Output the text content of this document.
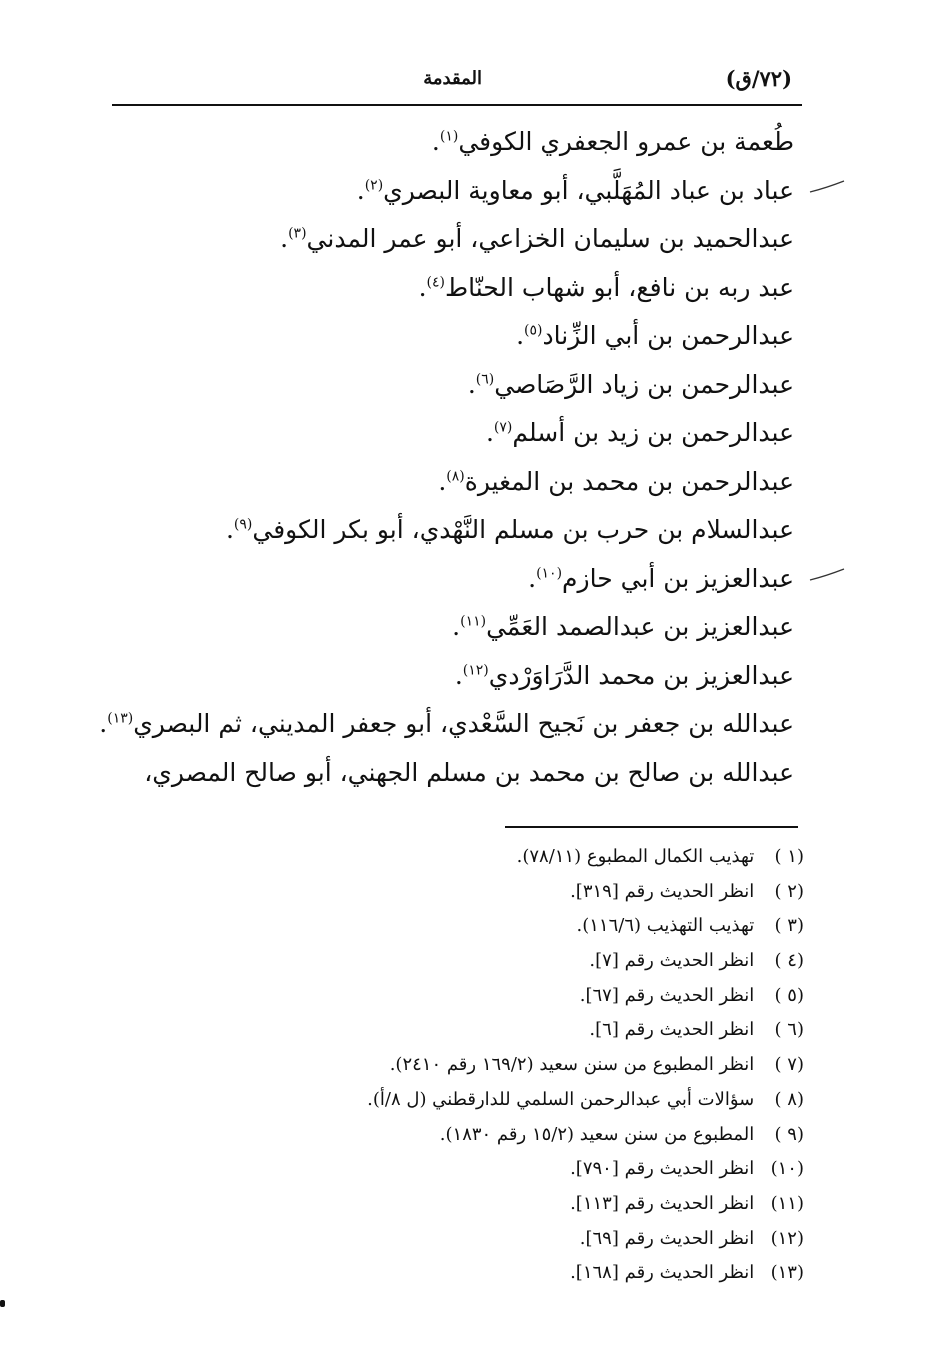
(٧٢/ق)
المقدمة
طُعمة بن عمرو الجعفري الكوفي$^{(١)}$.
عباد بن عباد المُهَلَّبي، أبو معاوية البصري$^{(٢)}$.
عبدالحميد بن سليمان الخزاعي، أبو عمر المدني$^{(٣)}$.
عبد ربه بن نافع، أبو شهاب الحنّاط$^{(٤)}$.
عبدالرحمن بن أبي الزِّناد$^{(٥)}$.
عبدالرحمن بن زياد الرَّصَاصي$^{(٦)}$.
عبدالرحمن بن زيد بن أسلم$^{(٧)}$.
عبدالرحمن بن محمد بن المغيرة$^{(٨)}$.
عبدالسلام بن حرب بن مسلم النَّهْدي، أبو بكر الكوفي$^{(٩)}$.
عبدالعزيز بن أبي حازم$^{(١٠)}$.
عبدالعزيز بن عبدالصمد العَمِّي$^{(١١)}$.
عبدالعزيز بن محمد الدَّرَاوَرْدي$^{(١٢)}$.
عبدالله بن جعفر بن نَجيح السَّعْدي، أبو جعفر المديني، ثم البصري$^{(١٣)}$.
عبدالله بن صالح بن محمد بن مسلم الجهني، أبو صالح المصري،
(١ ) تهذيب الكمال المطبوع (٧٨/١١).
(٢ ) انظر الحديث رقم [٣١٩].
(٣ ) تهذيب التهذيب (١١٦/٦).
(٤ ) انظر الحديث رقم [٧].
(٥ ) انظر الحديث رقم [٦٧].
(٦ ) انظر الحديث رقم [٦].
(٧ ) انظر المطبوع من سنن سعيد (١٦٩/٢ رقم ٢٤١٠).
(٨ ) سؤالات أبي عبدالرحمن السلمي للدارقطني (ل ٨/أ).
(٩ ) المطبوع من سنن سعيد (١٥/٢ رقم ١٨٣٠).
(١٠) انظر الحديث رقم [٧٩٠].
(١١) انظر الحديث رقم [١١٣].
(١٢) انظر الحديث رقم [٦٩].
(١٣) انظر الحديث رقم [١٦٨].
